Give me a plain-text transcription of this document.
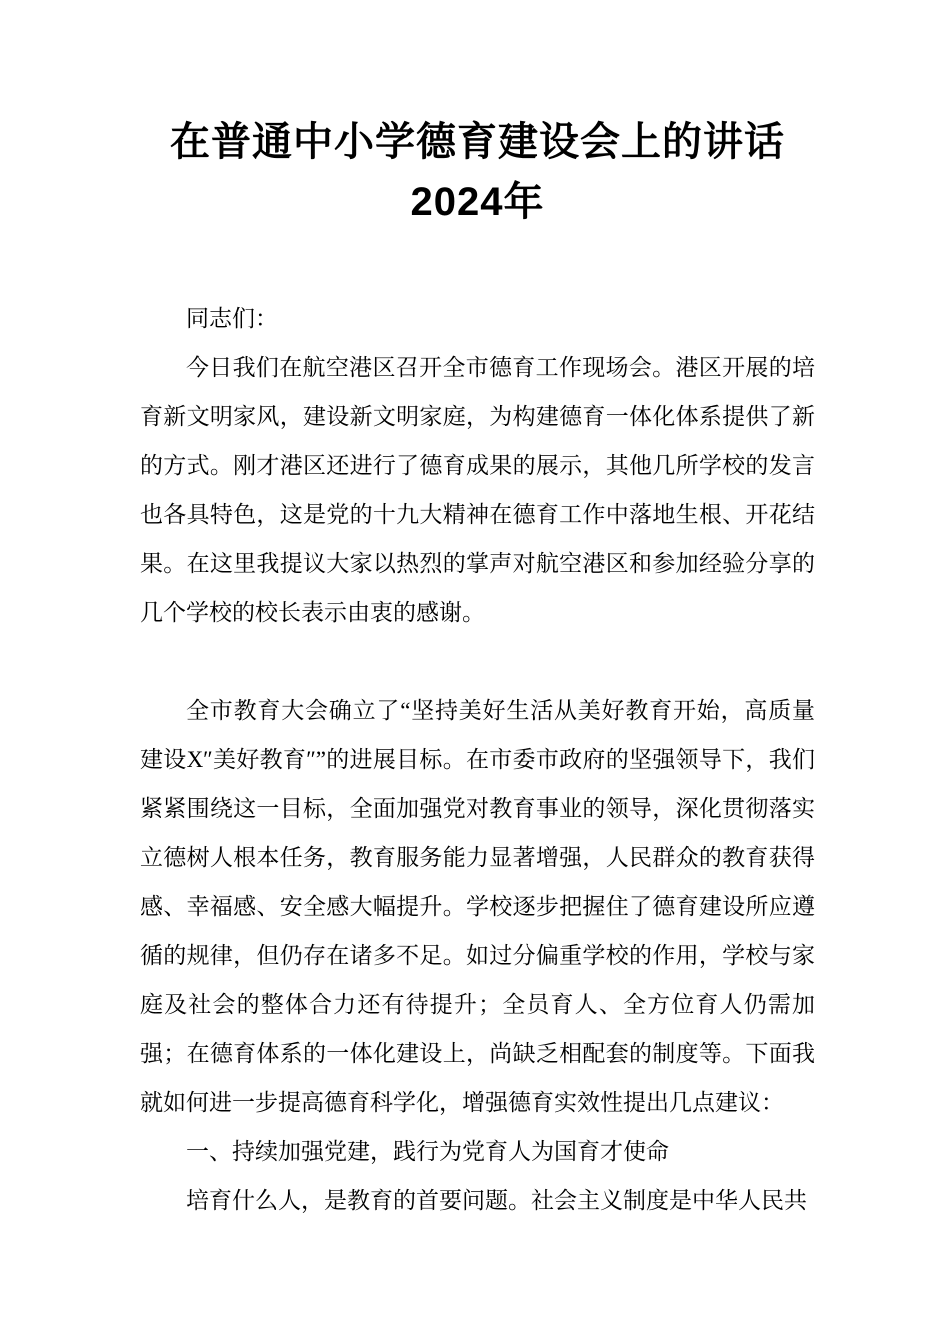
在普通中小学德育建设会上的讲话2024年

同志们：

今日我们在航空港区召开全市德育工作现场会。港区开展的培育新文明家风，建设新文明家庭，为构建德育一体化体系提供了新的方式。刚才港区还进行了德育成果的展示，其他几所学校的发言也各具特色，这是党的十九大精神在德育工作中落地生根、开花结果。在这里我提议大家以热烈的掌声对航空港区和参加经验分享的几个学校的校长表示由衷的感谢。

全市教育大会确立了“坚持美好生活从美好教育开始，高质量建设X″美好教育″”的进展目标。在市委市政府的坚强领导下，我们紧紧围绕这一目标，全面加强党对教育事业的领导，深化贯彻落实立德树人根本任务，教育服务能力显著增强，人民群众的教育获得感、幸福感、安全感大幅提升。学校逐步把握住了德育建设所应遵循的规律，但仍存在诸多不足。如过分偏重学校的作用，学校与家庭及社会的整体合力还有待提升；全员育人、全方位育人仍需加强；在德育体系的一体化建设上，尚缺乏相配套的制度等。下面我就如何进一步提高德育科学化，增强德育实效性提出几点建议：

一、持续加强党建，践行为党育人为国育才使命

培育什么人，是教育的首要问题。社会主义制度是中华人民共
